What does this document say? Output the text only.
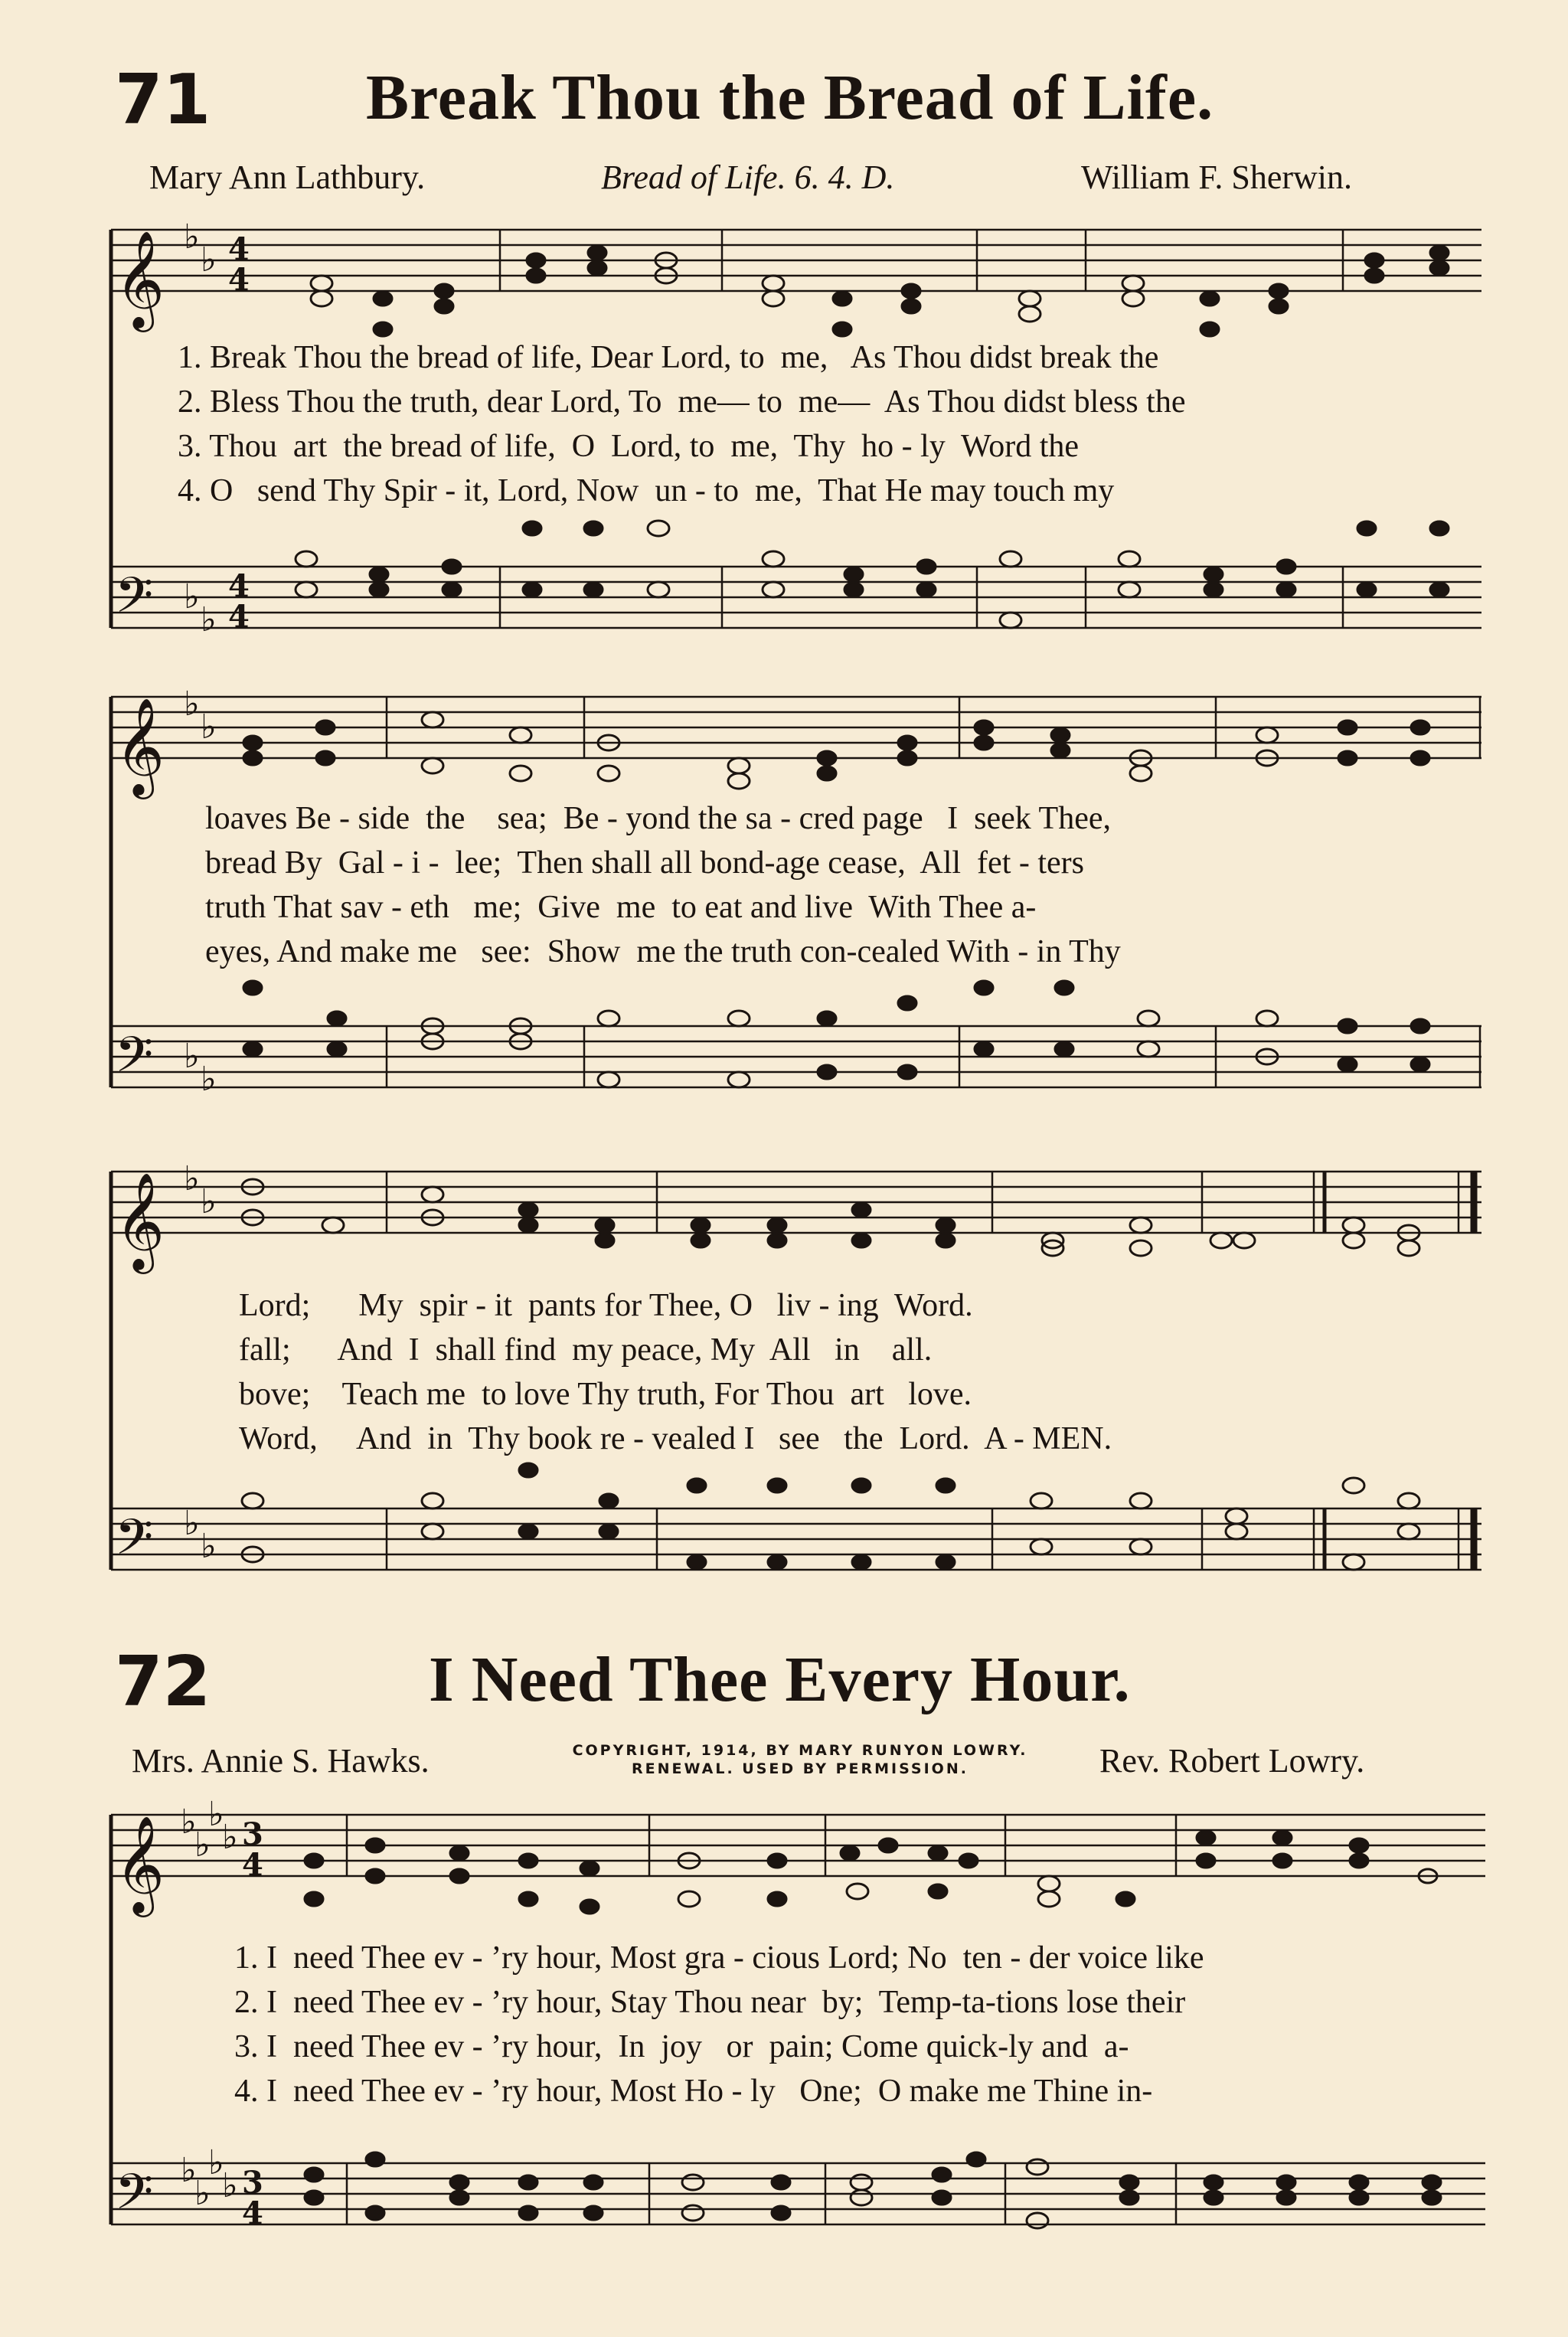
71 Break Thou the Bread of Life.
Mary Ann Lathbury.	Bread of Life. 6. 4. D.	William F. Sherwin.
𝄞
𝄢
𝄞
𝄢
𝄞
𝄢
𝄞
𝄢
♭
♭
♭
♭
♭
♭
♭
♭
♭
♭
♭
♭
♭
♭
♭
♭
♭
♭
♭
♭
4
4
4
4
3
4
3
4
1. Break Thou the bread of life, Dear Lord, to  me,   As Thou didst break the
2. Bless Thou the truth, dear Lord, To  me— to  me—  As Thou didst bless the
3. Thou  art  the bread of life,  O  Lord, to  me,  Thy  ho - ly  Word the
4. O   send Thy Spir - it, Lord, Now  un - to  me,  That He may touch my
loaves Be - side  the    sea;  Be - yond the sa - cred page   I  seek Thee,
bread By  Gal - i -  lee;  Then shall all bond-age cease,  All  fet - ters
truth That sav - eth   me;  Give  me  to eat and live  With Thee a-
eyes, And make me   see:  Show  me the truth con-cealed With - in Thy
Lord;      My  spir - it  pants for Thee, O   liv - ing  Word.
fall;      And  I  shall find  my peace, My  All   in    all.
bove;    Teach me  to love Thy truth, For Thou  art   love.
Word,     And  in  Thy book re - vealed I   see   the  Lord.  A - MEN.
72	I Need Thee Every Hour.
Mrs. Annie S. Hawks.	COPYRIGHT, 1914, BY MARY RUNYON LOWRY.
RENEWAL. USED BY PERMISSION.	Rev. Robert Lowry.
1. I  need Thee ev - ’ry hour, Most gra - cious Lord; No  ten - der voice like
2. I  need Thee ev - ’ry hour, Stay Thou near  by;  Temp-ta-tions lose their
3. I  need Thee ev - ’ry hour,  In  joy   or  pain; Come quick-ly and  a-
4. I  need Thee ev - ’ry hour, Most Ho - ly   One;  O make me Thine in-
